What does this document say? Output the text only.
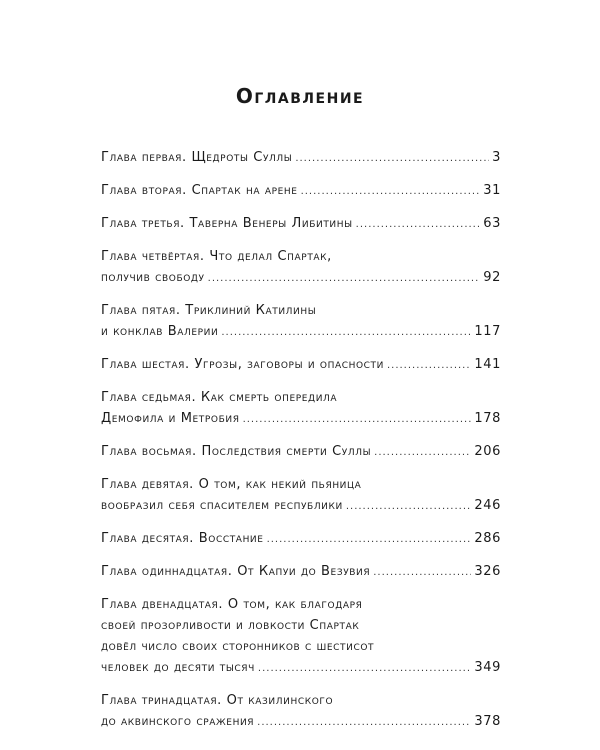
Оглавление
Глава первая. Щедроты Суллы .....	3
Глава вторая. Спартак на арене .....	31
Глава третья. Таверна Венеры Либитины .....	63
Глава четвёртая. Что делал Спартак,
получив свободу .....	92
Глава пятая. Триклиний Катилины
и конклав Валерии .....	117
Глава шестая. Угрозы, заговоры и опасности .....	141
Глава седьмая. Как смерть опередила
Демофила и Метробия .....	178
Глава восьмая. Последствия смерти Суллы .....	206
Глава девятая. О том, как некий пьяница
вообразил себя спасителем республики .....	246
Глава десятая. Восстание .....	286
Глава одиннадцатая. От Капуи до Везувия .....	326
Глава двенадцатая. О том, как благодаря
своей прозорливости и ловкости Спартак
довёл число своих сторонников с шестисот
человек до десяти тысяч .....	349
Глава тринадцатая. От казилинского
до аквинского сражения .....	378
